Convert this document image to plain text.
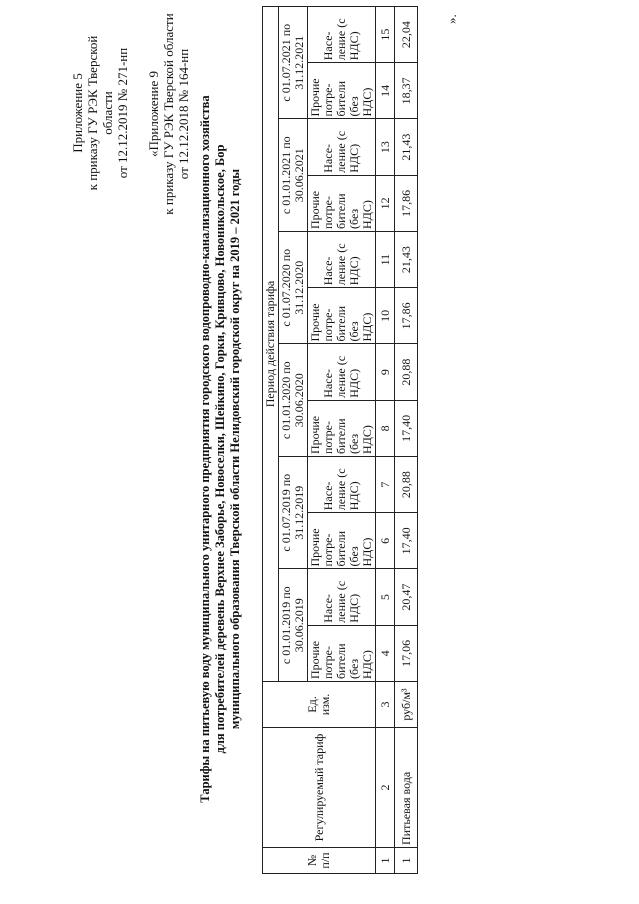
Приложение 5 к приказу ГУ РЭК Тверской области от 12.12.2019 № 271-нп «Приложение 9 к приказу ГУ РЭК Тверской области от 12.12.2018 № 164-нп Тарифы на питьевую воду муниципального унитарного предприятия городского водопроводно-канализационного хозяйства для потребителей деревень Верхнее Заборье, Новоселки, Шейкино, Горки, Кривцово, Новоникольское, Бор муниципального образования Тверской области Нелидовский городской округ на 2019 – 2021 годы
№ п/п	Регулируемый тариф	Ед. изм.	Период действия тарифа											
			с 01.01.2019 по 30.06.2019		с 01.07.2019 по 31.12.2019		с 01.01.2020 по 30.06.2020		с 01.07.2020 по 31.12.2020		с 01.01.2021 по 30.06.2021		с 01.07.2021 по 31.12.2021	
			Прочие потре-бители (без НДС)	Насе-ление (с НДС)	Прочие потре-бители (без НДС)	Насе-ление (с НДС)	Прочие потре-бители (без НДС)	Насе-ление (с НДС)	Прочие потре-бители (без НДС)	Насе-ление (с НДС)	Прочие потре-бители (без НДС)	Насе-ление (с НДС)	Прочие потре-бители (без НДС)	Насе-ление (с НДС)
1	2	3	4	5	6	7	8	9	10	11	12	13	14	15
1	Питьевая вода	руб/м³	17,06	20,47	17,40	20,88	17,40	20,88	17,86	21,43	17,86	21,43	18,37	22,04
».
